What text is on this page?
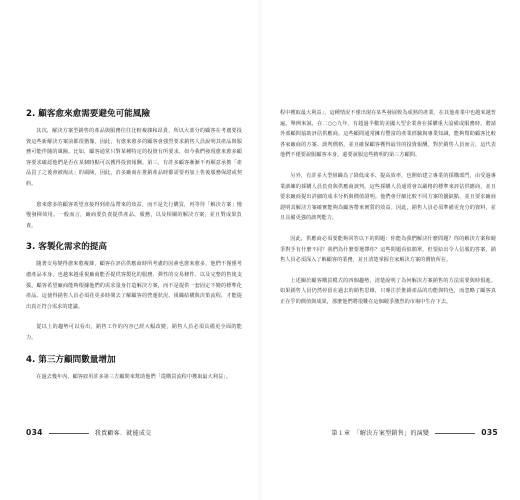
2. 顧客愈來愈需要避免可能風險

其次，解決方案型銷售的產品與服務往往比較複雜和昂貴，所以大部分的顧客在考慮要投資這些新解決方案前都很猶豫。因此，有愈來愈多的顧客會強烈要求銷售人員說明其產品與服務可能伴隨的風險。比如，顧客通常只對某種特定的投資有所要求，如今我們發現愈來愈多顧客要求確認他們是否在某個時點可以獲得投資報酬。第三，有許多顧客漸漸不再願意承擔「產品買了之後會被淘汰」的風險，因此，許多廠商在推銷產品時都需要再加上售後服務保證或契約。

愈來愈多的顧客希望直接得到產品帶來的效益，而不是先行購買，再等待「解決方案」慢慢發揮效用。一般而言，廠商要負責提供產品、服務，以及相關的解決方案，並且對成果負責。

3. 客製化需求的提高

隨著交易變得愈來愈複雜，顧客在評估供應商時所考慮的因素也愈來愈多，他們不僅僅考慮產品本身，也越來越重視廠商能否提供客製化的服務、彈性的交易條件、以及完整的售後支援。顧客希望廠商能夠根據他們的需求量身打造解決方案，而不是提供一套固定不變的標準化產品。這使得銷售人員必須花更多時間去了解顧客的營運狀況、組織結構與決策流程，才能提出真正符合需求的建議。

從以上的趨勢可以看出，銷售工作的內容已經大幅改變，銷售人員必須具備更全面的能力。

4. 第三方顧問數量增加

在過去幾年內，顧客雇用許多第三方顧問來幫助他們「從購買流程中獲取最大利益」。

程中獲取最大利益」，這種情況不僅出現在某些發展較為成熟的產業，在其他產業中也越來越普遍。舉例來說，在二○○九年，有超過半數的美國大型企業會在採購重大設備或服務時，聘請外部顧問協助評估供應商。這些顧問通常擁有豐富的產業經驗與專業知識，能夠幫助顧客比較各家廠商的方案、談判價格，並且確保顧客獲得最佳的投資報酬。對於銷售人員而言，這代表他們不僅要說服顧客本身，還要說服這些精明的第三方顧問。

另外，有許多大型組織為了降低成本、提高效率，也開始建立專業的採購部門，由受過專業訓練的採購人員負責與供應商談判。這些採購人員通常會以嚴格的標準來評估供應商，並且要求廠商提出詳細的成本分析與價值證明。他們會仔細比較不同方案的優缺點，並且要求廠商證明其解決方案確實能夠為顧客帶來實質的效益。因此，銷售人員必須準備更充分的資料，並且具備更強的談判能力。

因此，供應商必須要能夠回答以下的問題：你能為我們解決什麼問題？你的解決方案和競爭對手有什麼不同？我們為什麼要選擇你？這些問題看似簡單，但要給出令人信服的答案，銷售人員必須深入了解顧客的業務，並且清楚掌握自家解決方案的價值所在。

上述關於顧客購買模式的四個趨勢，清楚說明了為何解決方案銷售的方法需要與時俱進。如果銷售人員仍然停留在過去的銷售思維，只專注於推銷產品的功能與特色，而忽略了顧客真正在乎的價值與成果，那麼他們將很難在這個競爭激烈的市場中生存下去。

034	我賣顧客．就能成交	第１章　「解決方案型銷售」的演變	035
